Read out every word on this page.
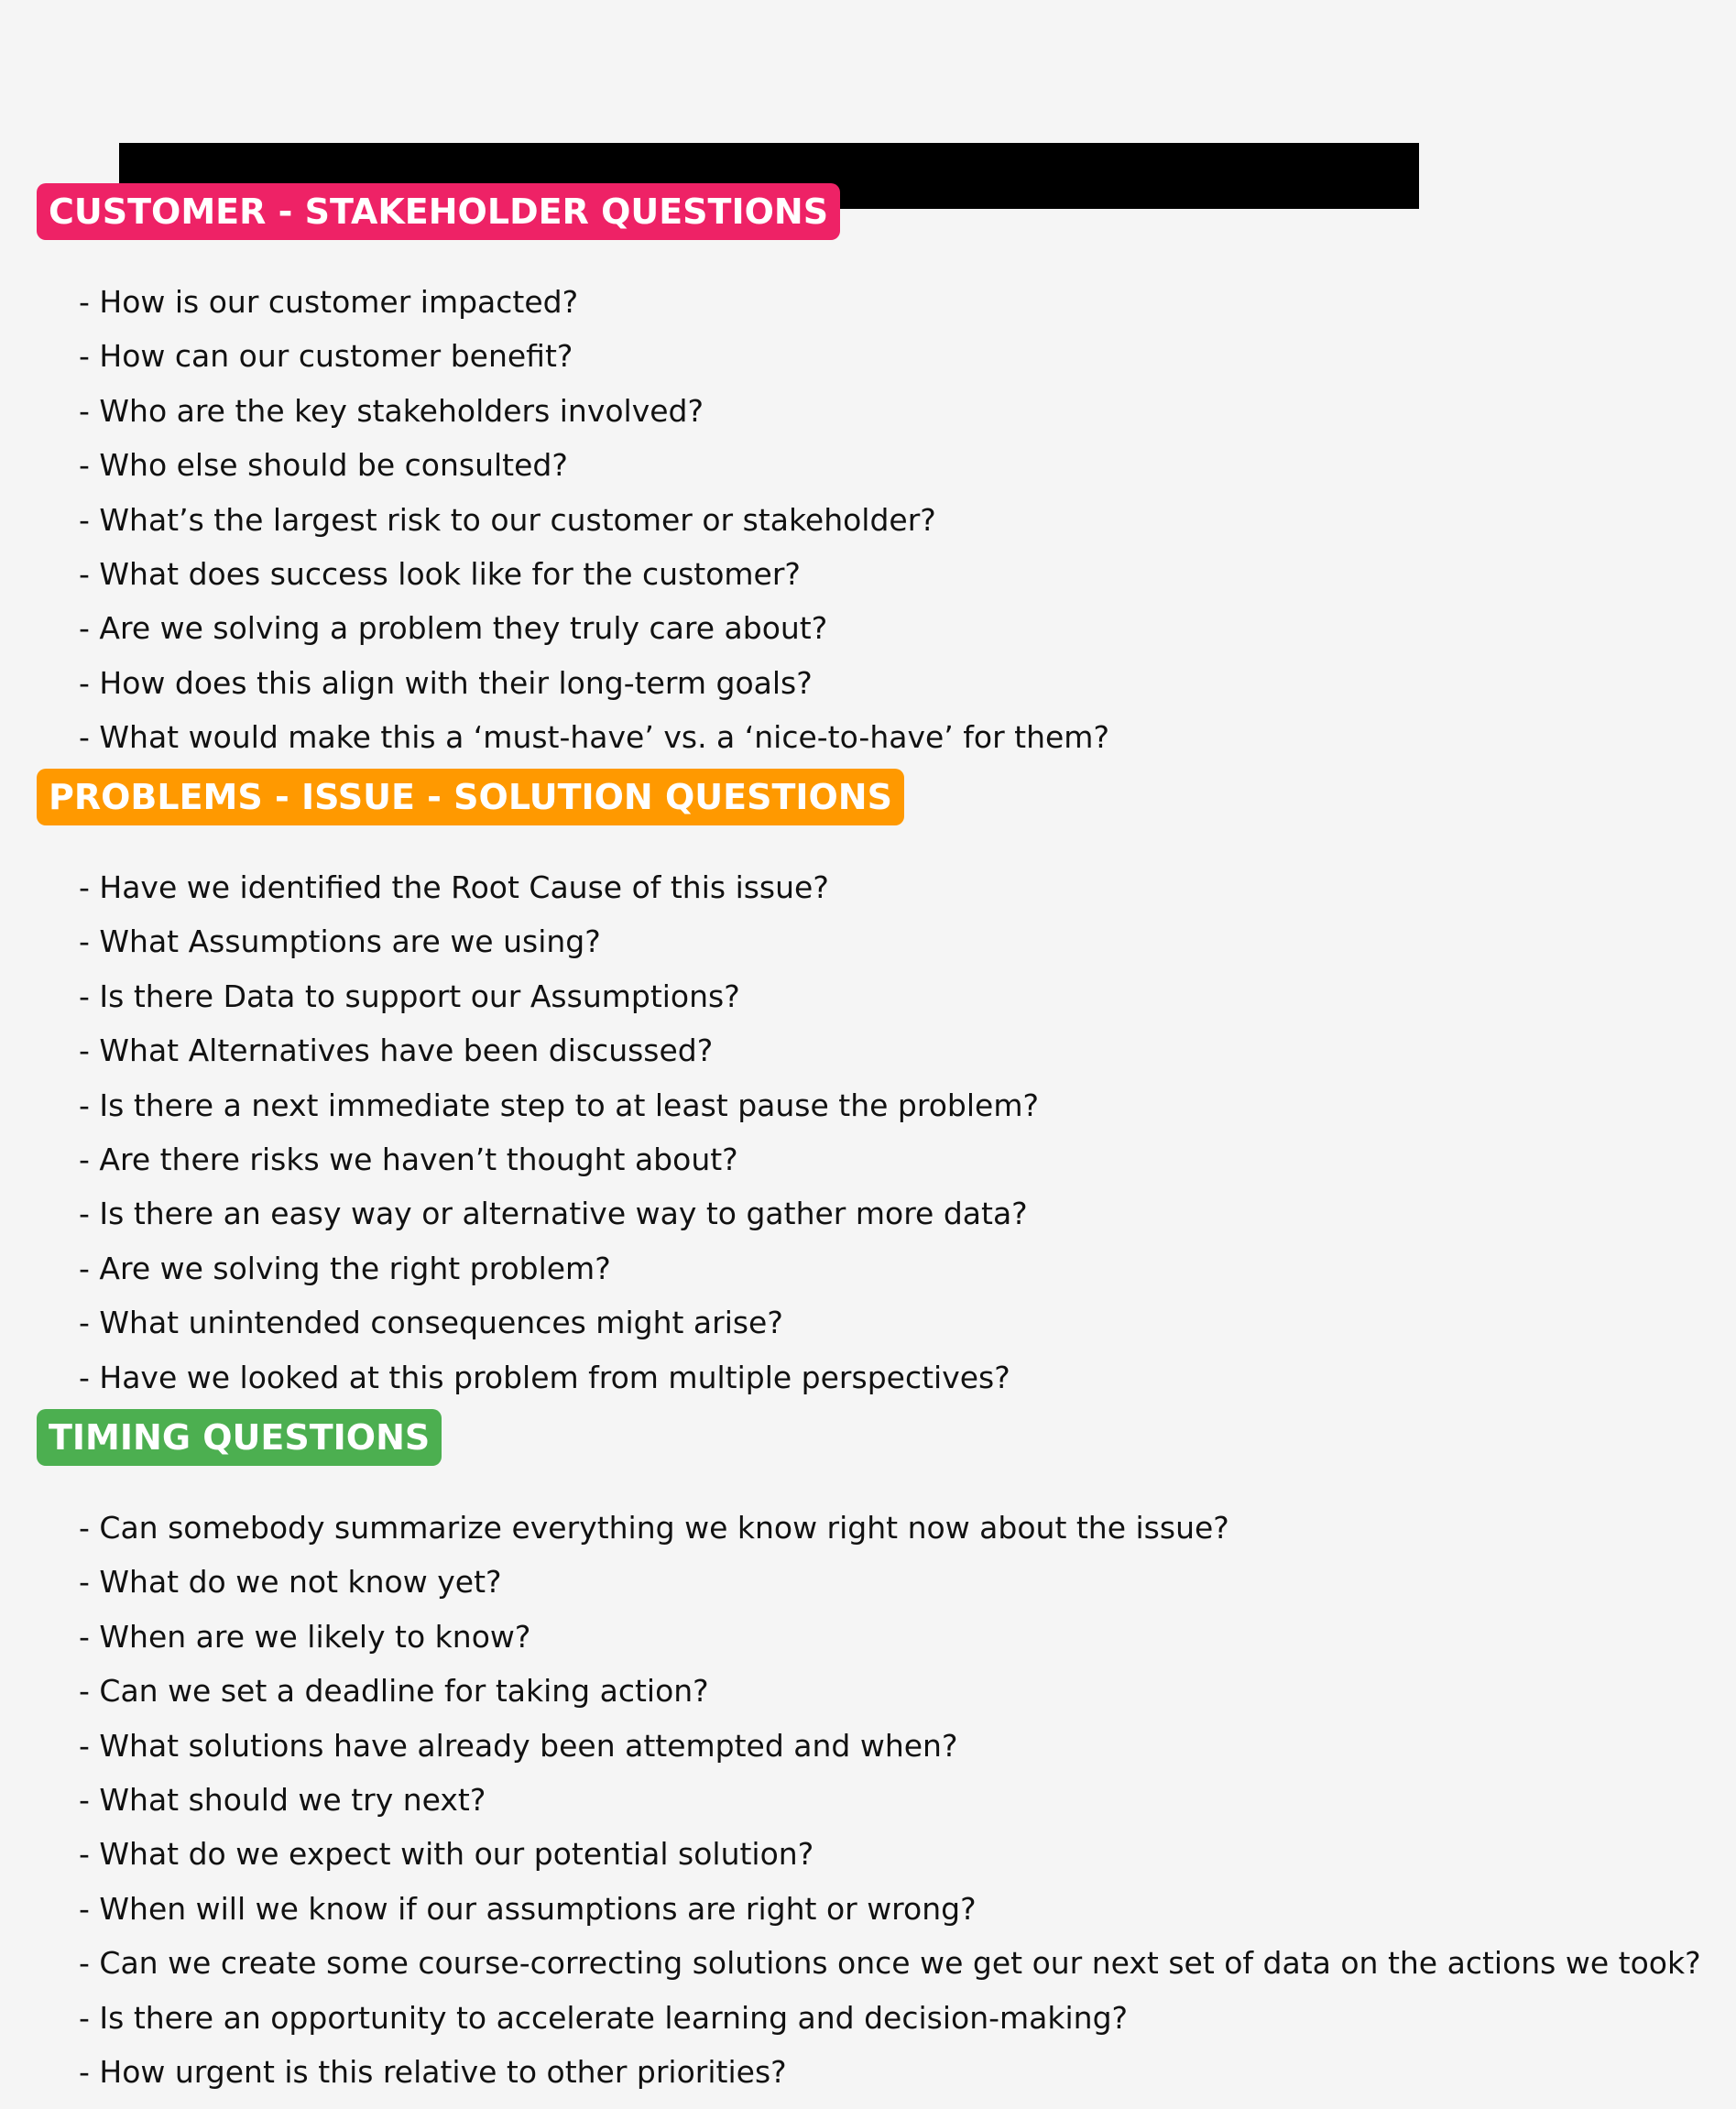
CUSTOMER - STAKEHOLDER QUESTIONS
- How is our customer impacted?
- How can our customer benefit?
- Who are the key stakeholders involved?
- Who else should be consulted?
- What’s the largest risk to our customer or stakeholder?
- What does success look like for the customer?
- Are we solving a problem they truly care about?
- How does this align with their long-term goals?
- What would make this a ‘must-have’ vs. a ‘nice-to-have’ for them?
PROBLEMS - ISSUE - SOLUTION QUESTIONS
- Have we identified the Root Cause of this issue?
- What Assumptions are we using?
- Is there Data to support our Assumptions?
- What Alternatives have been discussed?
- Is there a next immediate step to at least pause the problem?
- Are there risks we haven’t thought about?
- Is there an easy way or alternative way to gather more data?
- Are we solving the right problem?
- What unintended consequences might arise?
- Have we looked at this problem from multiple perspectives?
TIMING QUESTIONS
- Can somebody summarize everything we know right now about the issue?
- What do we not know yet?
- When are we likely to know?
- Can we set a deadline for taking action?
- What solutions have already been attempted and when?
- What should we try next?
- What do we expect with our potential solution?
- When will we know if our assumptions are right or wrong?
- Can we create some course-correcting solutions once we get our next set of data on the actions we took?
- Is there an opportunity to accelerate learning and decision-making?
- How urgent is this relative to other priorities?
